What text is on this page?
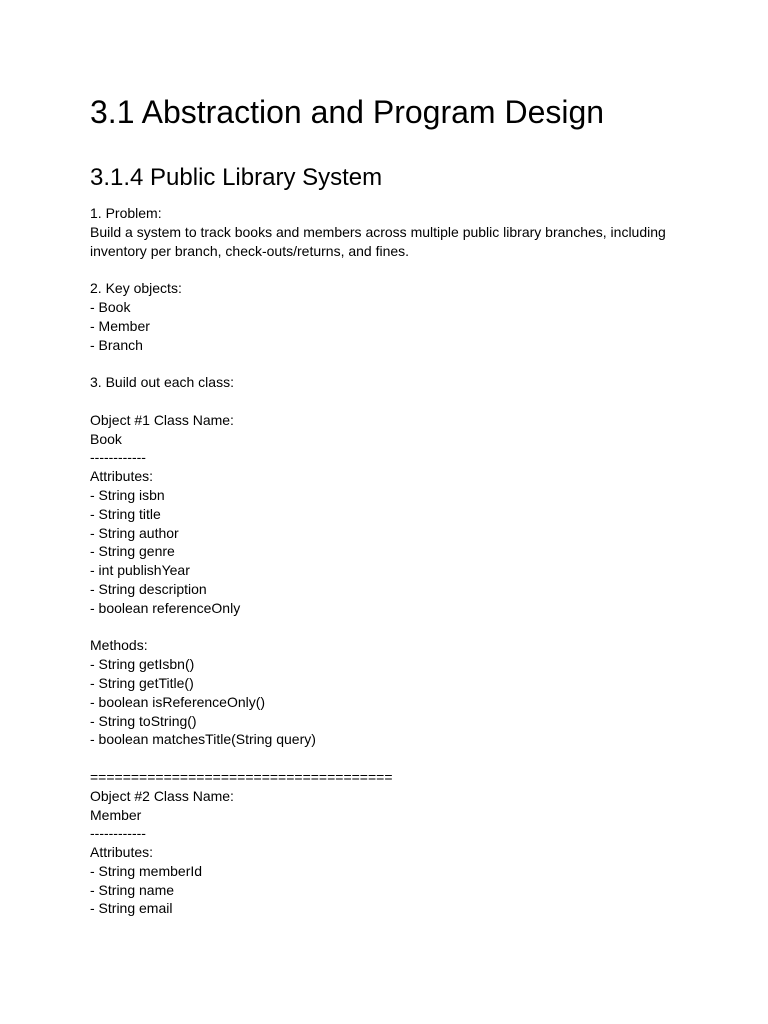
3.1 Abstraction and Program Design
3.1.4 Public Library System
1. Problem:
Build a system to track books and members across multiple public library branches, including
inventory per branch, check-outs/returns, and fines.
2. Key objects:
- Book
- Member
- Branch
3. Build out each class:
Object #1 Class Name:
Book
------------
Attributes:
- String isbn
- String title
- String author
- String genre
- int publishYear
- String description
- boolean referenceOnly
Methods:
- String getIsbn()
- String getTitle()
- boolean isReferenceOnly()
- String toString()
- boolean matchesTitle(String query)
=====================================
Object #2 Class Name:
Member
------------
Attributes:
- String memberId
- String name
- String email
